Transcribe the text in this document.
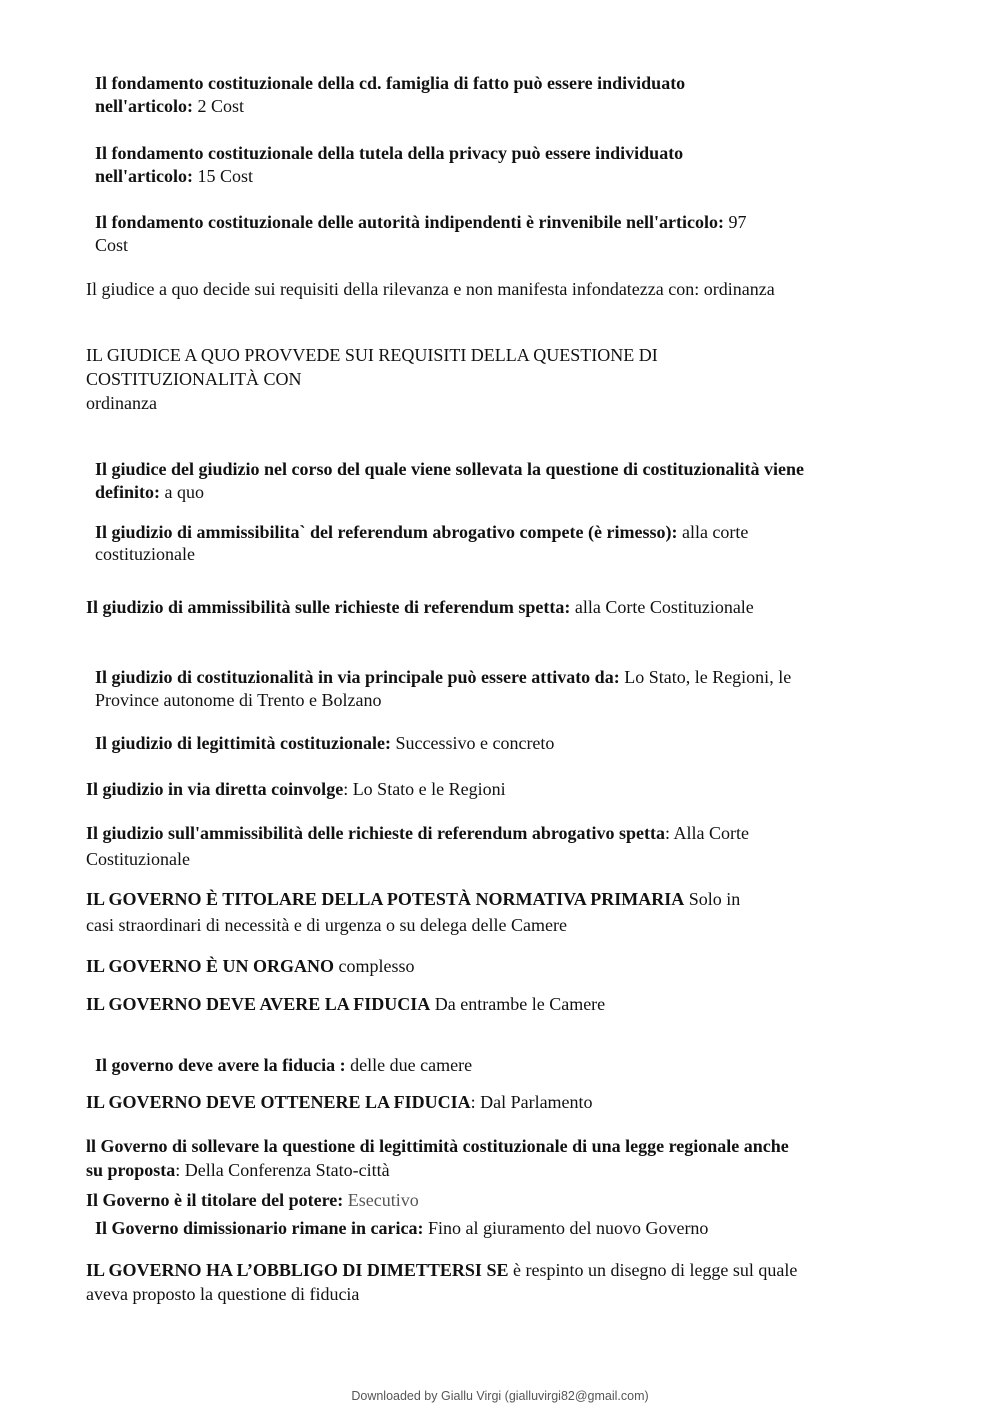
Il fondamento costituzionale della cd. famiglia di fatto può essere individuato
nell'articolo: 2 Cost

Il fondamento costituzionale della tutela della privacy può essere individuato
nell'articolo: 15 Cost

Il fondamento costituzionale delle autorità indipendenti è rinvenibile nell'articolo: 97
Cost

Il giudice a quo decide sui requisiti della rilevanza e non manifesta infondatezza con: ordinanza

IL GIUDICE A QUO PROVVEDE SUI REQUISITI DELLA QUESTIONE DI
COSTITUZIONALITÀ CON
ordinanza

Il giudice del giudizio nel corso del quale viene sollevata la questione di costituzionalità viene
definito: a quo

Il giudizio di ammissibilita` del referendum abrogativo compete (è rimesso): alla corte
costituzionale

Il giudizio di ammissibilità sulle richieste di referendum spetta: alla Corte Costituzionale

Il giudizio di costituzionalità in via principale può essere attivato da: Lo Stato, le Regioni, le
Province autonome di Trento e Bolzano

Il giudizio di legittimità costituzionale: Successivo e concreto

Il giudizio in via diretta coinvolge: Lo Stato e le Regioni

Il giudizio sull'ammissibilità delle richieste di referendum abrogativo spetta: Alla Corte
Costituzionale

IL GOVERNO È TITOLARE DELLA POTESTÀ NORMATIVA PRIMARIA Solo in
casi straordinari di necessità e di urgenza o su delega delle Camere

IL GOVERNO È UN ORGANO complesso

IL GOVERNO DEVE AVERE LA FIDUCIA Da entrambe le Camere

Il governo deve avere la fiducia : delle due camere

IL GOVERNO DEVE OTTENERE LA FIDUCIA: Dal Parlamento

ll Governo di sollevare la questione di legittimità costituzionale di una legge regionale anche
su proposta: Della Conferenza Stato-città

Il Governo è il titolare del potere: Esecutivo

Il Governo dimissionario rimane in carica: Fino al giuramento del nuovo Governo

IL GOVERNO HA L’OBBLIGO DI DIMETTERSI SE è respinto un disegno di legge sul quale
aveva proposto la questione di fiducia

Downloaded by Giallu Virgi (gialluvirgi82@gmail.com)
